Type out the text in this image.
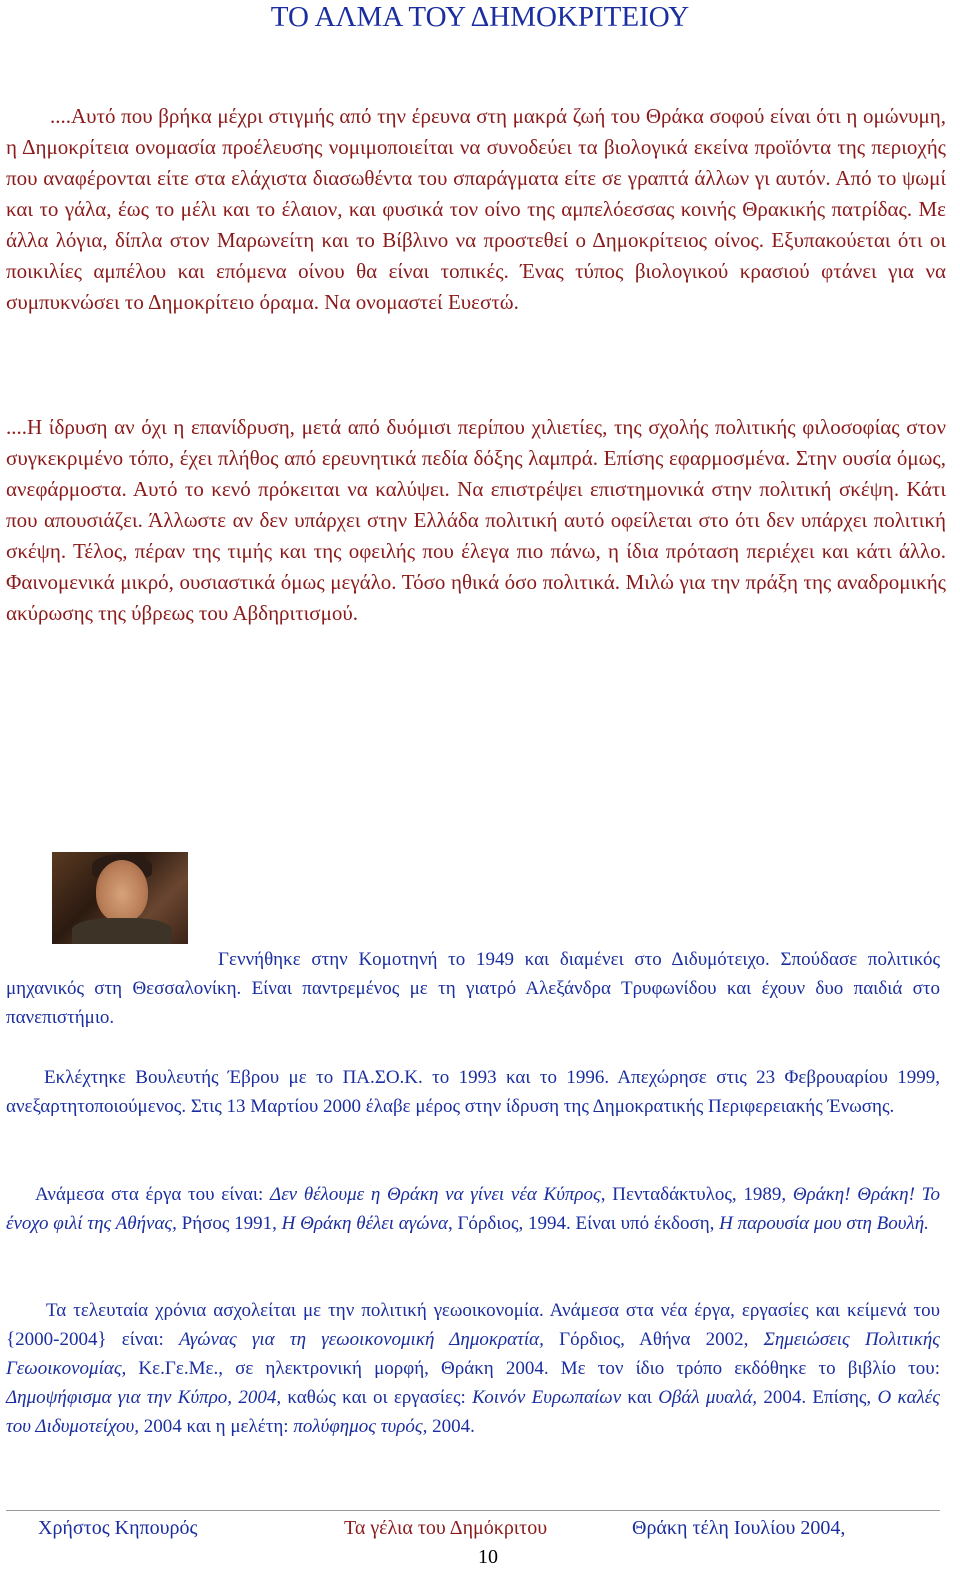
ΤΟ ΑΛΜΑ ΤΟΥ ΔΗΜΟΚΡΙΤΕΙΟΥ

....Αυτό που βρήκα μέχρι στιγμής από την έρευνα στη μακρά ζωή του Θράκα σοφού είναι ότι η ομώνυμη, η Δημοκρίτεια ονομασία προέλευσης νομιμοποιείται να συνοδεύει τα βιολογικά εκείνα προϊόντα της περιοχής που αναφέρονται είτε στα ελάχιστα διασωθέντα του σπαράγματα είτε σε γραπτά άλλων γι αυτόν. Από το ψωμί και το γάλα, έως το μέλι και το έλαιον, και φυσικά τον οίνο της αμπελόεσσας κοινής Θρακικής πατρίδας. Με άλλα λόγια, δίπλα στον Μαρωνείτη και το Βίβλινο να προστεθεί ο Δημοκρίτειος οίνος. Εξυπακούεται ότι οι ποικιλίες αμπέλου και επόμενα οίνου θα είναι τοπικές. Ένας τύπος βιολογικού κρασιού φτάνει για να συμπυκνώσει το Δημοκρίτειο όραμα. Να ονομαστεί Ευεστώ.

....Η ίδρυση αν όχι η επανίδρυση, μετά από δυόμισι περίπου χιλιετίες, της σχολής πολιτικής φιλοσοφίας στον συγκεκριμένο τόπο, έχει πλήθος από ερευνητικά πεδία δόξης λαμπρά. Επίσης εφαρμοσμένα. Στην ουσία όμως, ανεφάρμοστα. Αυτό το κενό πρόκειται να καλύψει. Να επιστρέψει επιστημονικά στην πολιτική σκέψη. Κάτι που απουσιάζει. Άλλωστε αν δεν υπάρχει στην Ελλάδα πολιτική αυτό οφείλεται στο ότι δεν υπάρχει πολιτική σκέψη. Τέλος, πέραν της τιμής και της οφειλής που έλεγα πιο πάνω, η ίδια πρόταση περιέχει και κάτι άλλο. Φαινομενικά μικρό, ουσιαστικά όμως μεγάλο. Τόσο ηθικά όσο πολιτικά. Μιλώ για την πράξη της αναδρομικής ακύρωσης της ύβρεως του Αβδηριτισμού.

Γεννήθηκε στην Κομοτηνή το 1949 και διαμένει στο Διδυμότειχο. Σπούδασε πολιτικός μηχανικός στη Θεσσαλονίκη. Είναι παντρεμένος με τη γιατρό Αλεξάνδρα Τρυφωνίδου και έχουν δυο παιδιά στο πανεπιστήμιο.

Εκλέχτηκε Βουλευτής Έβρου με το ΠΑ.ΣΟ.Κ. το 1993 και το 1996. Απεχώρησε στις 23 Φεβρουαρίου 1999, ανεξαρτητοποιούμενος. Στις 13 Μαρτίου 2000 έλαβε μέρος στην ίδρυση της Δημοκρατικής Περιφερειακής Ένωσης.

Ανάμεσα στα έργα του είναι: Δεν θέλουμε η Θράκη να γίνει νέα Κύπρος, Πενταδάκτυλος, 1989, Θράκη! Θράκη! Το ένοχο φιλί της Αθήνας, Ρήσος 1991, Η Θράκη θέλει αγώνα, Γόρδιος, 1994. Είναι υπό έκδοση, Η παρουσία μου στη Βουλή.

Τα τελευταία χρόνια ασχολείται με την πολιτική γεωοικονομία. Ανάμεσα στα νέα έργα, εργασίες και κείμενά του {2000-2004} είναι: Αγώνας για τη γεωοικονομική Δημοκρατία, Γόρδιος, Αθήνα 2002, Σημειώσεις Πολιτικής Γεωοικονομίας, Κε.Γε.Με., σε ηλεκτρονική μορφή, Θράκη 2004. Με τον ίδιο τρόπο εκδόθηκε το βιβλίο του: Δημοψήφισμα για την Κύπρο, 2004, καθώς και οι εργασίες: Κοινόν Ευρωπαίων και Οβάλ μυαλά, 2004. Επίσης, Ο καλές του Διδυμοτείχου, 2004 και η μελέτη: πολύφημος τυρός, 2004.

Χρήστος Κηπουρός	Τα γέλια του Δημόκριτου	Θράκη τέλη Ιουλίου 2004,
10
